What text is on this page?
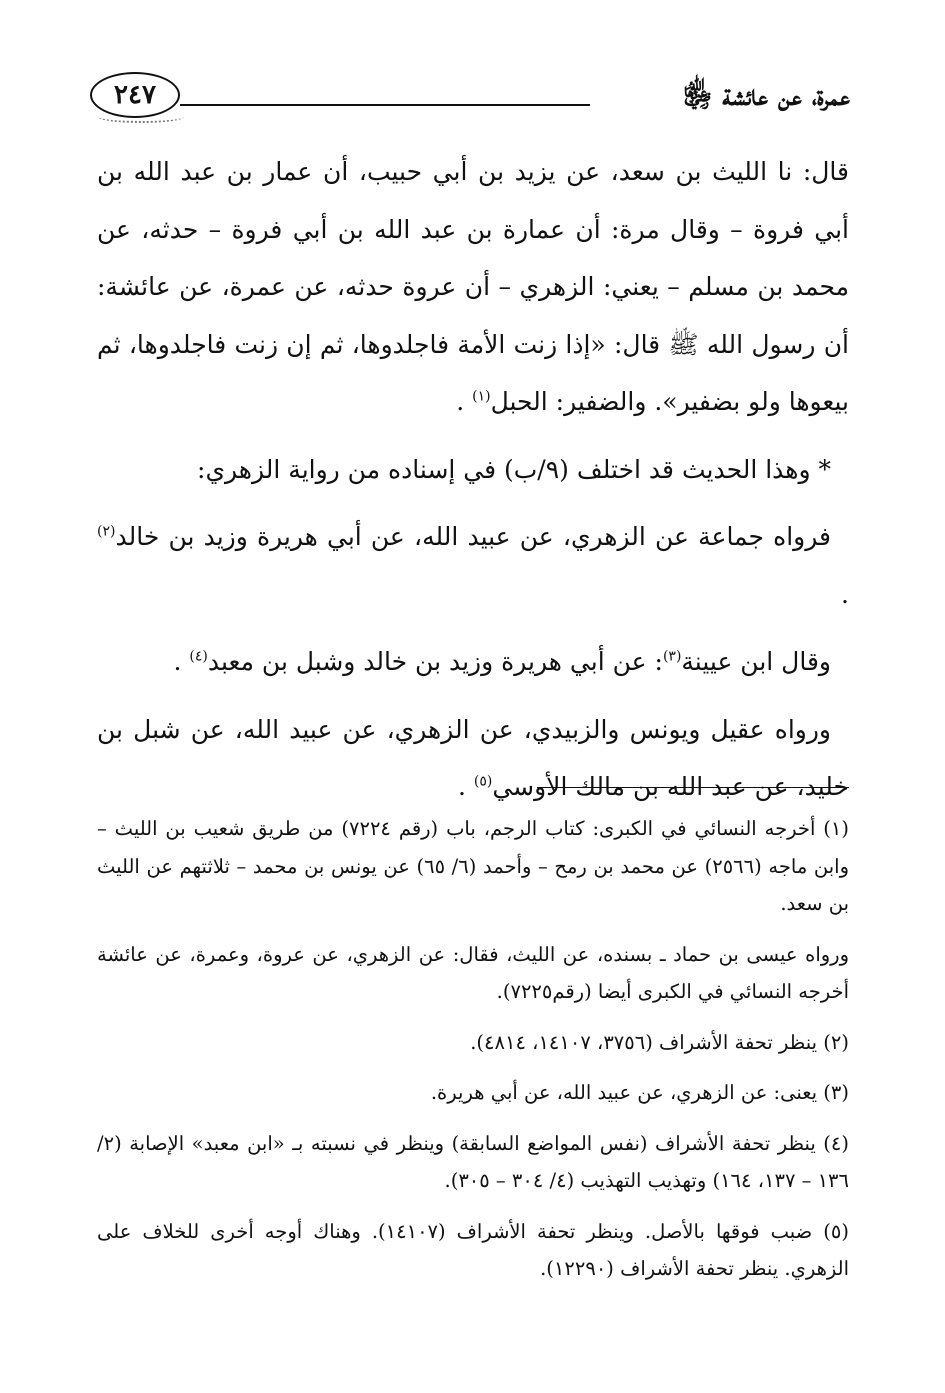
عمرة، عن عائشة ﵂
٢٤٧

قال: نا الليث بن سعد، عن يزيد بن أبي حبيب، أن عمار بن عبد الله بن أبي فروة – وقال مرة: أن عمارة بن عبد الله بن أبي فروة – حدثه، عن محمد بن مسلم – يعني: الزهري – أن عروة حدثه، عن عمرة، عن عائشة: أن رسول الله ﷺ قال: «إذا زنت الأمة فاجلدوها، ثم إن زنت فاجلدوها، ثم بيعوها ولو بضفير». والضفير: الحبل$^{(١)}$ .

* وهذا الحديث قد اختلف (٩/ب) في إسناده من رواية الزهري:

فرواه جماعة عن الزهري، عن عبيد الله، عن أبي هريرة وزيد بن خالد$^{(٢)}$ .

وقال ابن عيينة$^{(٣)}$: عن أبي هريرة وزيد بن خالد وشبل بن معبد$^{(٤)}$ .

ورواه عقيل ويونس والزبيدي، عن الزهري، عن عبيد الله، عن شبل بن خليد، عن عبد الله بن مالك الأوسي$^{(٥)}$ .

(١) أخرجه النسائي في الكبرى: كتاب الرجم، باب (رقم ٧٢٢٤) من طريق شعيب بن الليث – وابن ماجه (٢٥٦٦) عن محمد بن رمح – وأحمد (٦/ ٦٥) عن يونس بن محمد – ثلاثتهم عن الليث بن سعد.

ورواه عيسى بن حماد ـ بسنده، عن الليث، فقال: عن الزهري، عن عروة، وعمرة، عن عائشة أخرجه النسائي في الكبرى أيضا (رقم٧٢٢٥).

(٢) ينظر تحفة الأشراف (٣٧٥٦، ١٤١٠٧، ٤٨١٤).

(٣) يعنى: عن الزهري، عن عبيد الله، عن أبي هريرة.

(٤) ينظر تحفة الأشراف (نفس المواضع السابقة) وينظر في نسبته بـ «ابن معبد» الإصابة (٢/ ١٣٦ – ١٣٧، ١٦٤) وتهذيب التهذيب (٤/ ٣٠٤ – ٣٠٥).

(٥) ضبب فوقها بالأصل. وينظر تحفة الأشراف (١٤١٠٧). وهناك أوجه أخرى للخلاف على الزهري. ينظر تحفة الأشراف (١٢٢٩٠).
